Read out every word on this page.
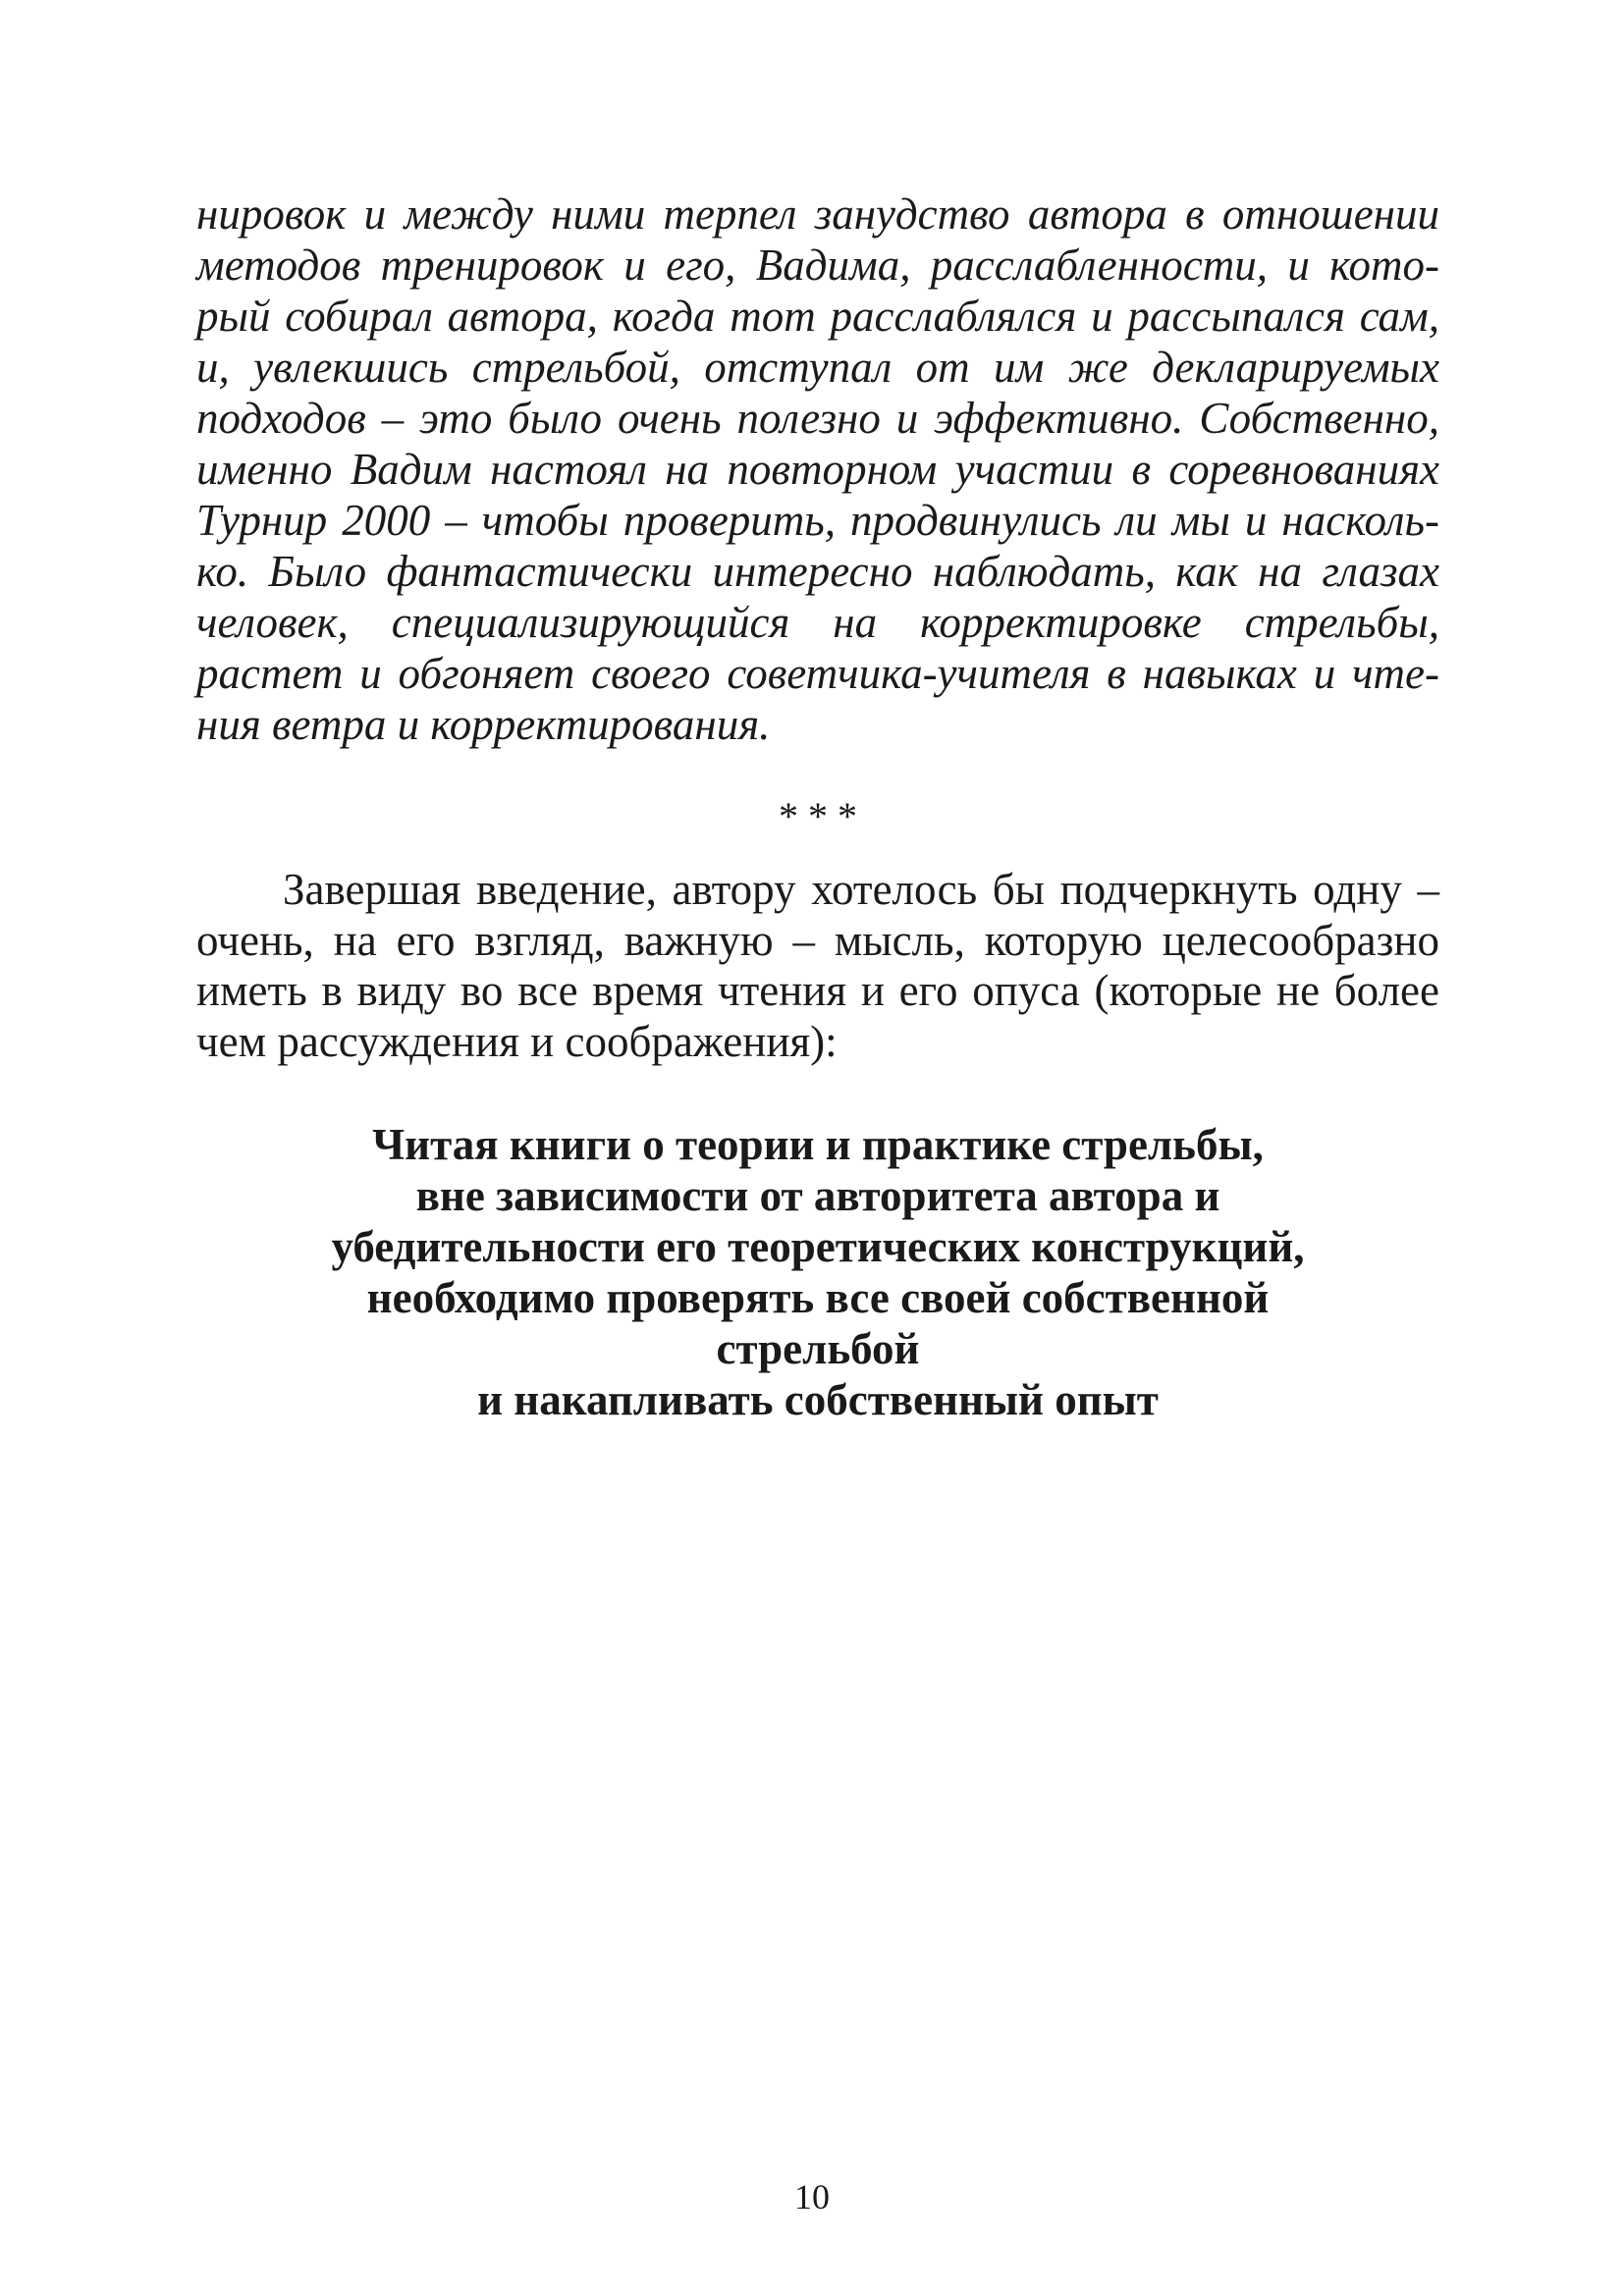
нировок и между ними терпел занудство автора в отношении
методов тренировок и его, Вадима, расслабленности, и кото-
рый собирал автора, когда тот расслаблялся и рассыпался сам,
и, увлекшись стрельбой, отступал от им же декларируемых
подходов – это было очень полезно и эффективно. Собственно,
именно Вадим настоял на повторном участии в соревнованиях
Турнир 2000 – чтобы проверить, продвинулись ли мы и насколь-
ко. Было фантастически интересно наблюдать, как на глазах
человек, специализирующийся на корректировке стрельбы,
растет и обгоняет своего советчика-учителя в навыках и чте-
ния ветра и корректирования.
* * *
Завершая введение, автору хотелось бы подчеркнуть одну –
очень, на его взгляд, важную – мысль, которую целесообразно
иметь в виду во все время чтения и его опуса (которые не более
чем рассуждения и соображения):
Читая книги о теории и практике стрельбы,
вне зависимости от авторитета автора и
убедительности его теоретических конструкций,
необходимо проверять все своей собственной
стрельбой
и накапливать собственный опыт
10
